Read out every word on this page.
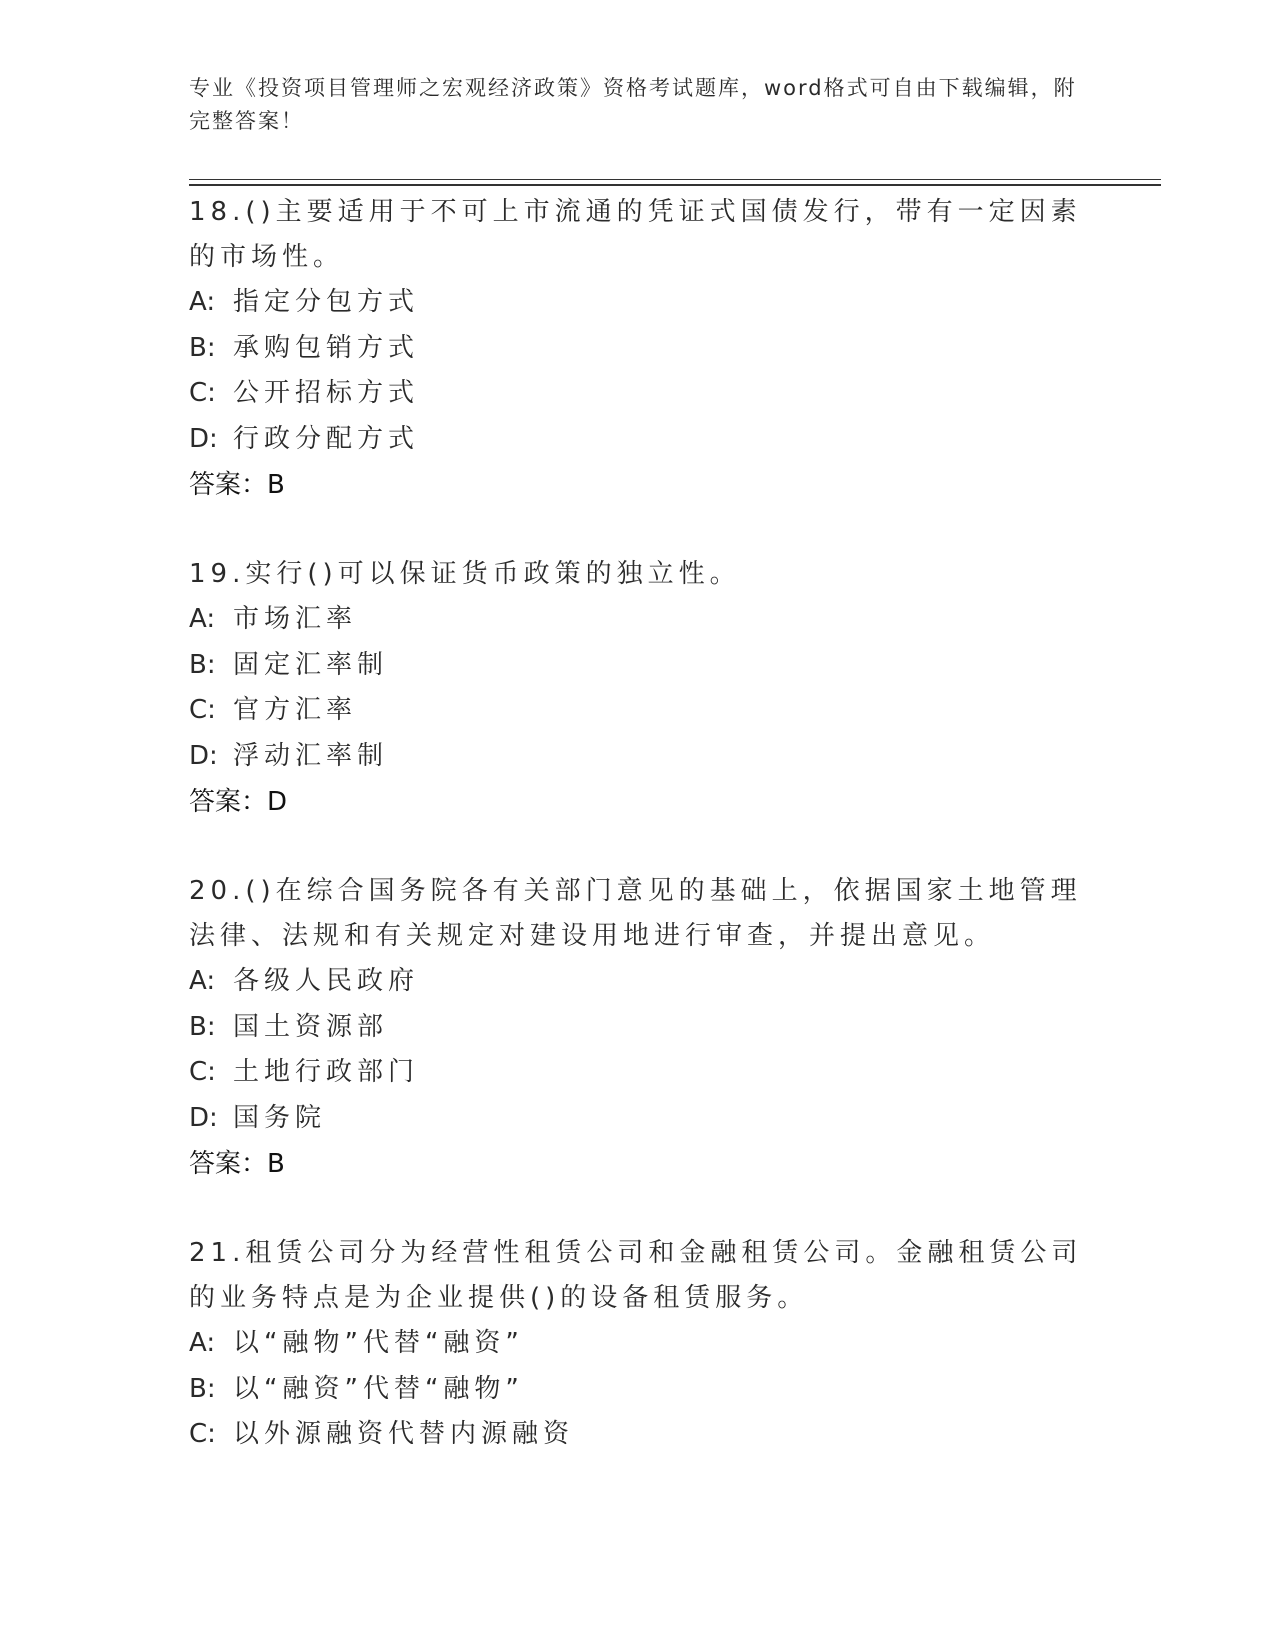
专业《投资项目管理师之宏观经济政策》资格考试题库，word格式可自由下载编辑，附完整答案！

18.()主要适用于不可上市流通的凭证式国债发行，带有一定因素的市场性。

A: 指定分包方式

B: 承购包销方式

C: 公开招标方式

D: 行政分配方式

答案：B

19.实行()可以保证货币政策的独立性。

A: 市场汇率

B: 固定汇率制

C: 官方汇率

D: 浮动汇率制

答案：D

20.()在综合国务院各有关部门意见的基础上，依据国家土地管理法律、法规和有关规定对建设用地进行审查，并提出意见。

A: 各级人民政府

B: 国土资源部

C: 土地行政部门

D: 国务院

答案：B

21.租赁公司分为经营性租赁公司和金融租赁公司。金融租赁公司的业务特点是为企业提供()的设备租赁服务。

A: 以“融物”代替“融资”

B: 以“融资”代替“融物”

C: 以外源融资代替内源融资
